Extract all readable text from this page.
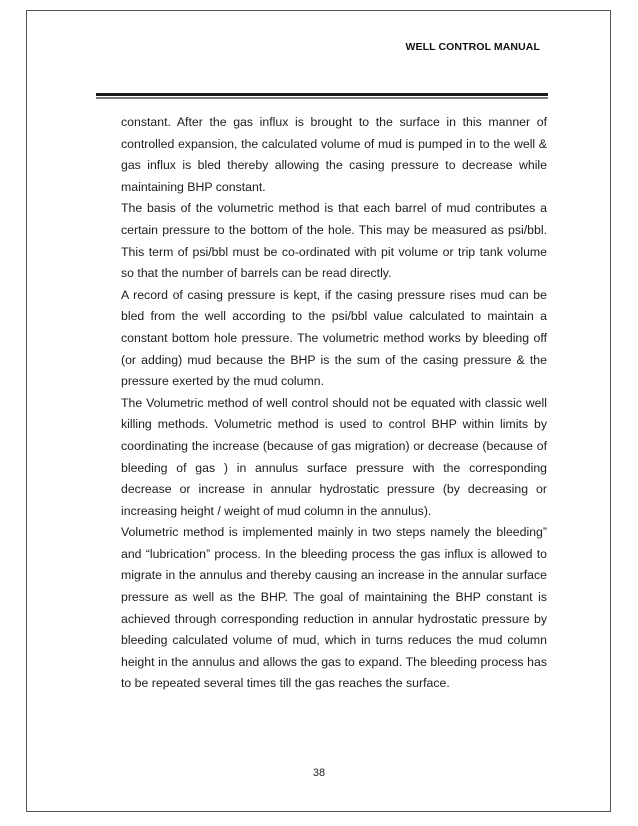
WELL CONTROL MANUAL

constant. After the gas influx is brought to the surface in this manner of controlled expansion, the calculated volume of mud is pumped in to the well & gas influx is bled thereby allowing the casing pressure to decrease while maintaining BHP constant.

The basis of the volumetric method is that each barrel of mud contributes a certain pressure to the bottom of the hole. This may be measured as psi/bbl. This term of psi/bbl must be co-ordinated with pit volume or trip tank volume so that the number of barrels can be read directly.

A record of casing pressure is kept, if the casing pressure rises mud can be bled from the well according to the psi/bbl value calculated to maintain a constant bottom hole pressure. The volumetric method works by bleeding off (or adding) mud because the BHP is the sum of the casing pressure & the pressure exerted by the mud column.

The Volumetric method of well control should not be equated with classic well killing methods. Volumetric method is used to control BHP within limits by coordinating the increase (because of gas migration) or decrease (because of bleeding of gas ) in annulus surface pressure with the corresponding decrease or increase in annular hydrostatic pressure (by decreasing or increasing height / weight of mud column in the annulus).

Volumetric method is implemented mainly in two steps namely the bleeding” and “lubrication” process. In the bleeding process the gas influx is allowed to migrate in the annulus and thereby causing an increase in the annular surface pressure as well as the BHP. The goal of maintaining the BHP constant is achieved through corresponding reduction in annular hydrostatic pressure by bleeding calculated volume of mud, which in turns reduces the mud column height in the annulus and allows the gas to expand. The bleeding process has to be repeated several times till the gas reaches the surface.

38
